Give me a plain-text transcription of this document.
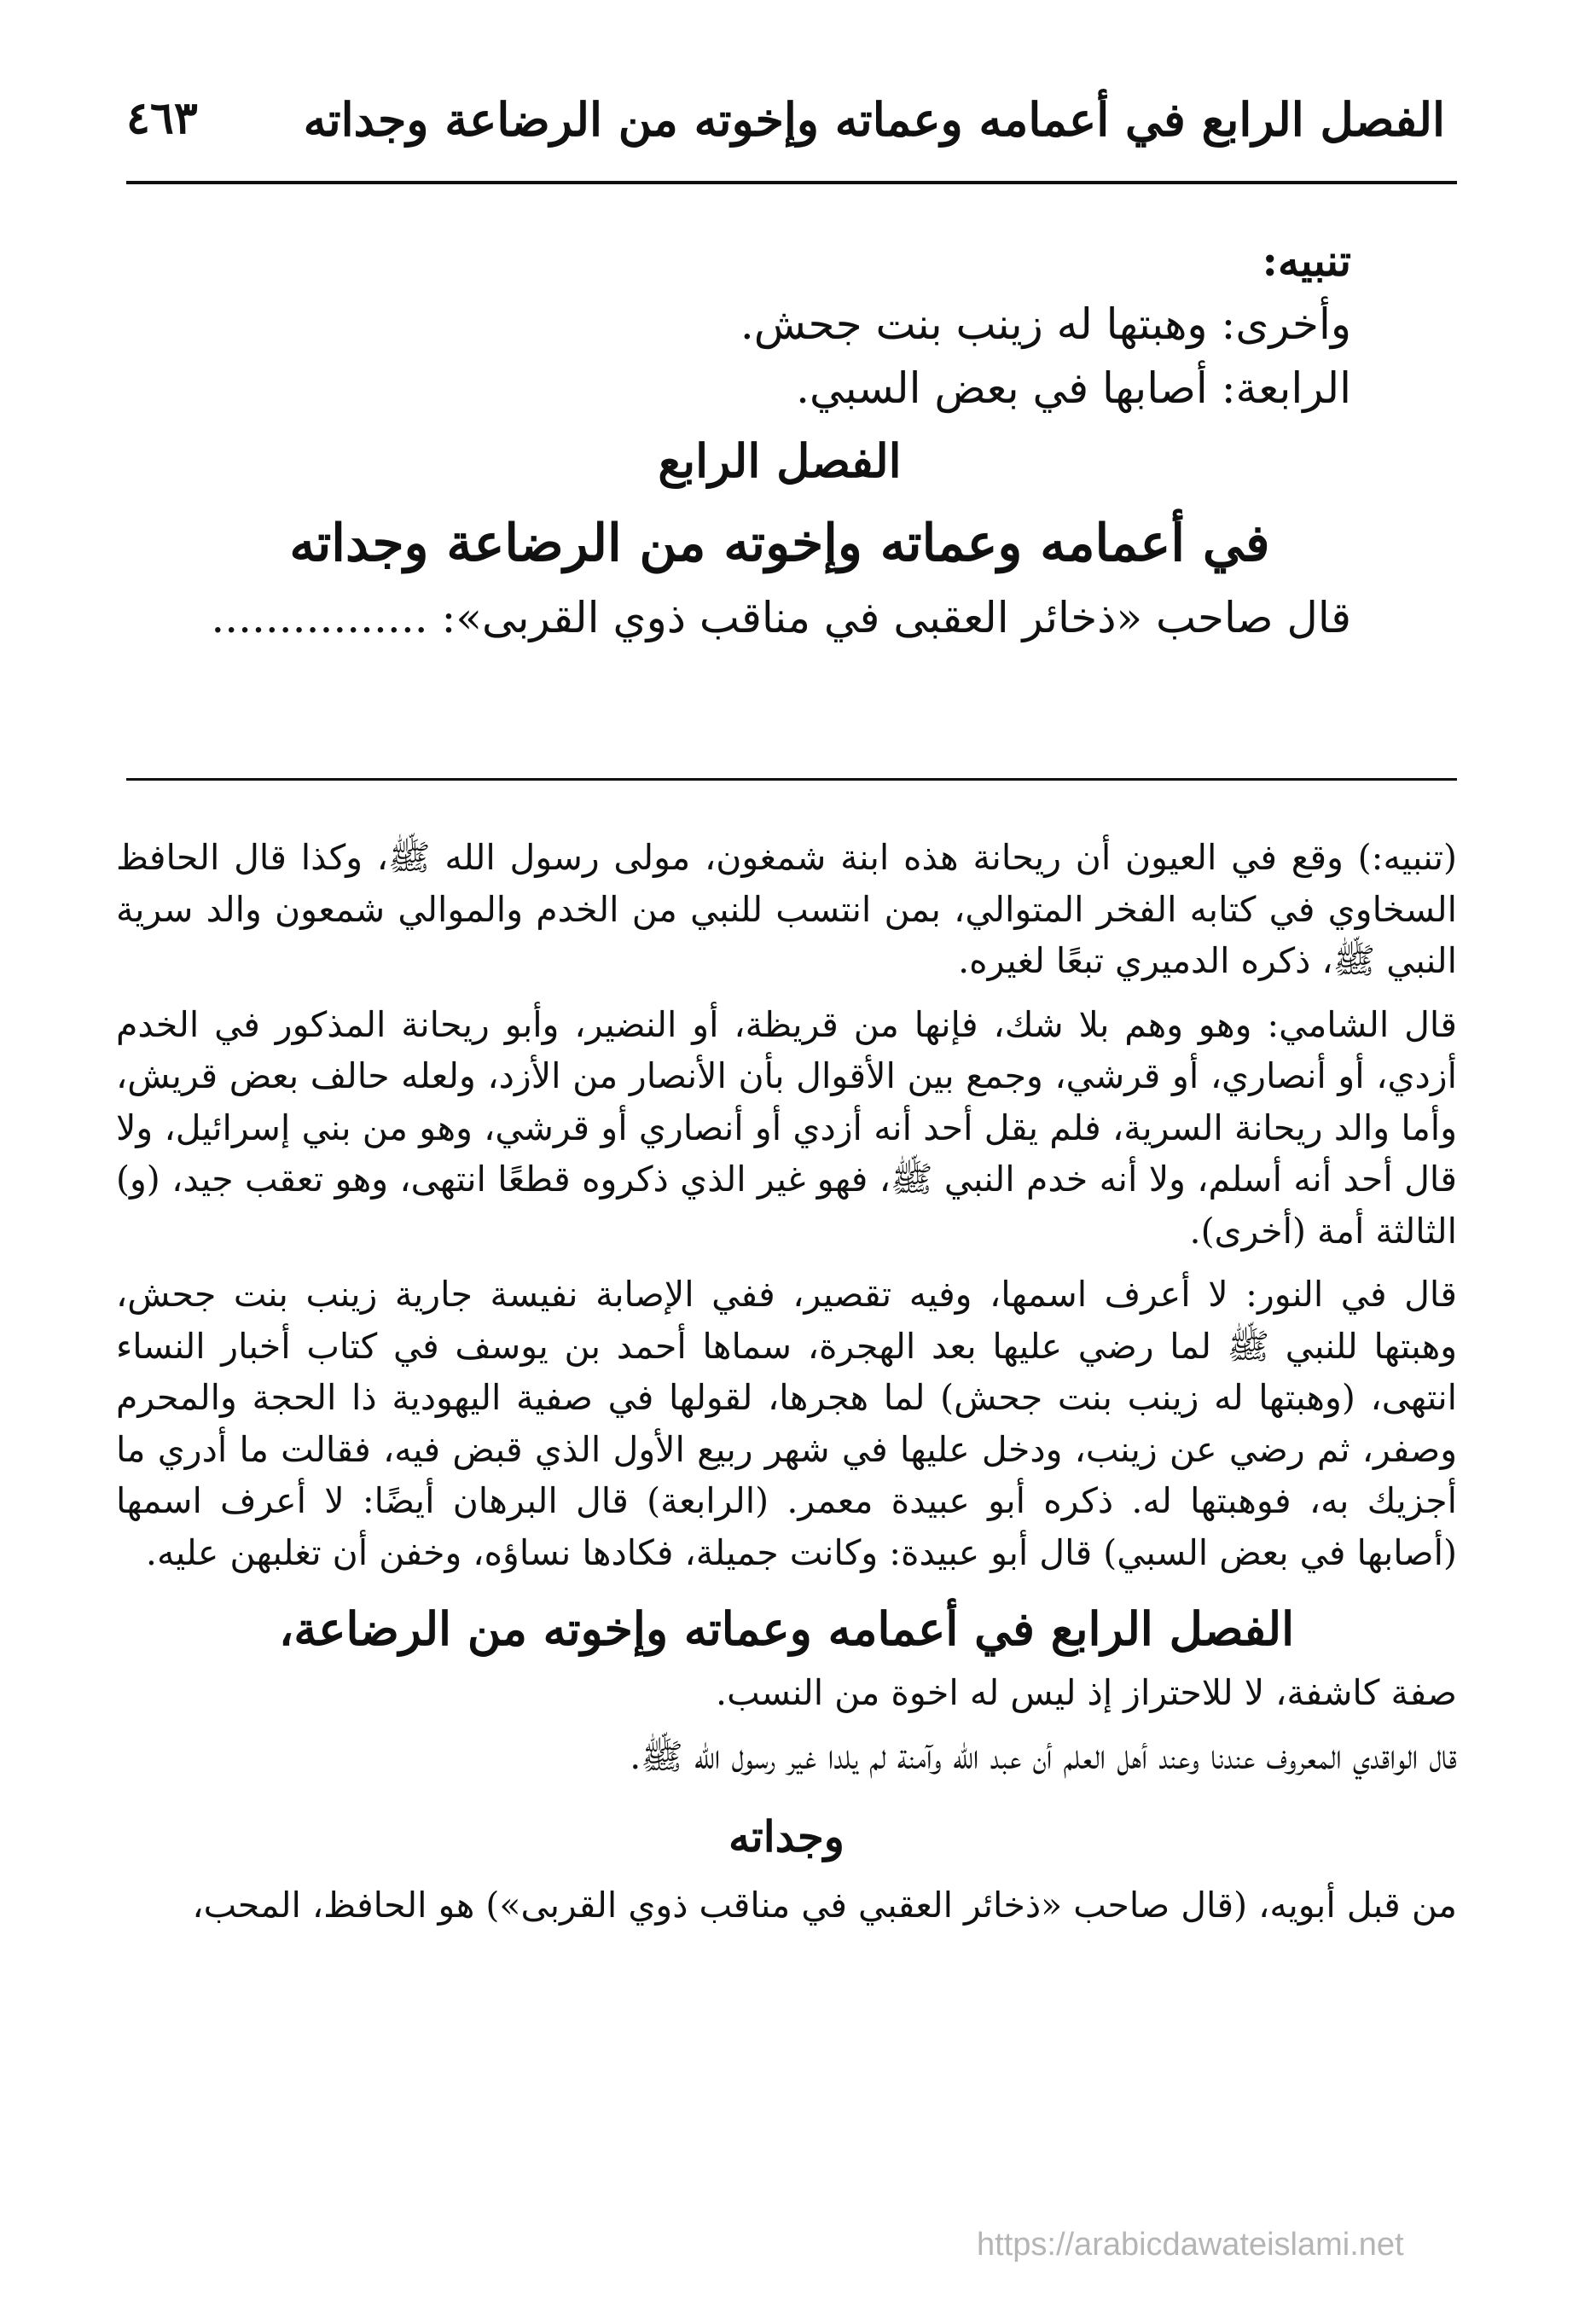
الفصل الرابع في أعمامه وعماته وإخوته من الرضاعة وجداته
٤٦٣
تنبيه:
وأخرى: وهبتها له زينب بنت جحش.
الرابعة: أصابها في بعض السبي.
الفصل الرابع
في أعمامه وعماته وإخوته من الرضاعة وجداته
قال صاحب «ذخائر العقبى في مناقب ذوي القربى»: ................

(تنبيه:) وقع في العيون أن ريحانة هذه ابنة شمغون، مولى رسول الله ﷺ، وكذا قال الحافظ السخاوي في كتابه الفخر المتوالي، بمن انتسب للنبي من الخدم والموالي شمعون والد سرية النبي ﷺ، ذكره الدميري تبعًا لغيره.

قال الشامي: وهو وهم بلا شك، فإنها من قريظة، أو النضير، وأبو ريحانة المذكور في الخدم أزدي، أو أنصاري، أو قرشي، وجمع بين الأقوال بأن الأنصار من الأزد، ولعله حالف بعض قريش، وأما والد ريحانة السرية، فلم يقل أحد أنه أزدي أو أنصاري أو قرشي، وهو من بني إسرائيل، ولا قال أحد أنه أسلم، ولا أنه خدم النبي ﷺ، فهو غير الذي ذكروه قطعًا انتهى، وهو تعقب جيد، (و) الثالثة أمة (أخرى).

قال في النور: لا أعرف اسمها، وفيه تقصير، ففي الإصابة نفيسة جارية زينب بنت جحش، وهبتها للنبي ﷺ لما رضي عليها بعد الهجرة، سماها أحمد بن يوسف في كتاب أخبار النساء انتهى، (وهبتها له زينب بنت جحش) لما هجرها، لقولها في صفية اليهودية ذا الحجة والمحرم وصفر، ثم رضي عن زينب، ودخل عليها في شهر ربيع الأول الذي قبض فيه، فقالت ما أدري ما أجزيك به، فوهبتها له. ذكره أبو عبيدة معمر. (الرابعة) قال البرهان أيضًا: لا أعرف اسمها (أصابها في بعض السبي) قال أبو عبيدة: وكانت جميلة، فكادها نساؤه، وخفن أن تغلبهن عليه.

الفصل الرابع في أعمامه وعماته وإخوته من الرضاعة،

صفة كاشفة، لا للاحتراز إذ ليس له اخوة من النسب.

قال الواقدي المعروف عندنا وعند أهل العلم أن عبد الله وآمنة لم يلدا غير رسول الله ﷺ.

وجداته

من قبل أبويه، (قال صاحب «ذخائر العقبي في مناقب ذوي القربى») هو الحافظ، المحب،

https://arabicdawateislami.net
